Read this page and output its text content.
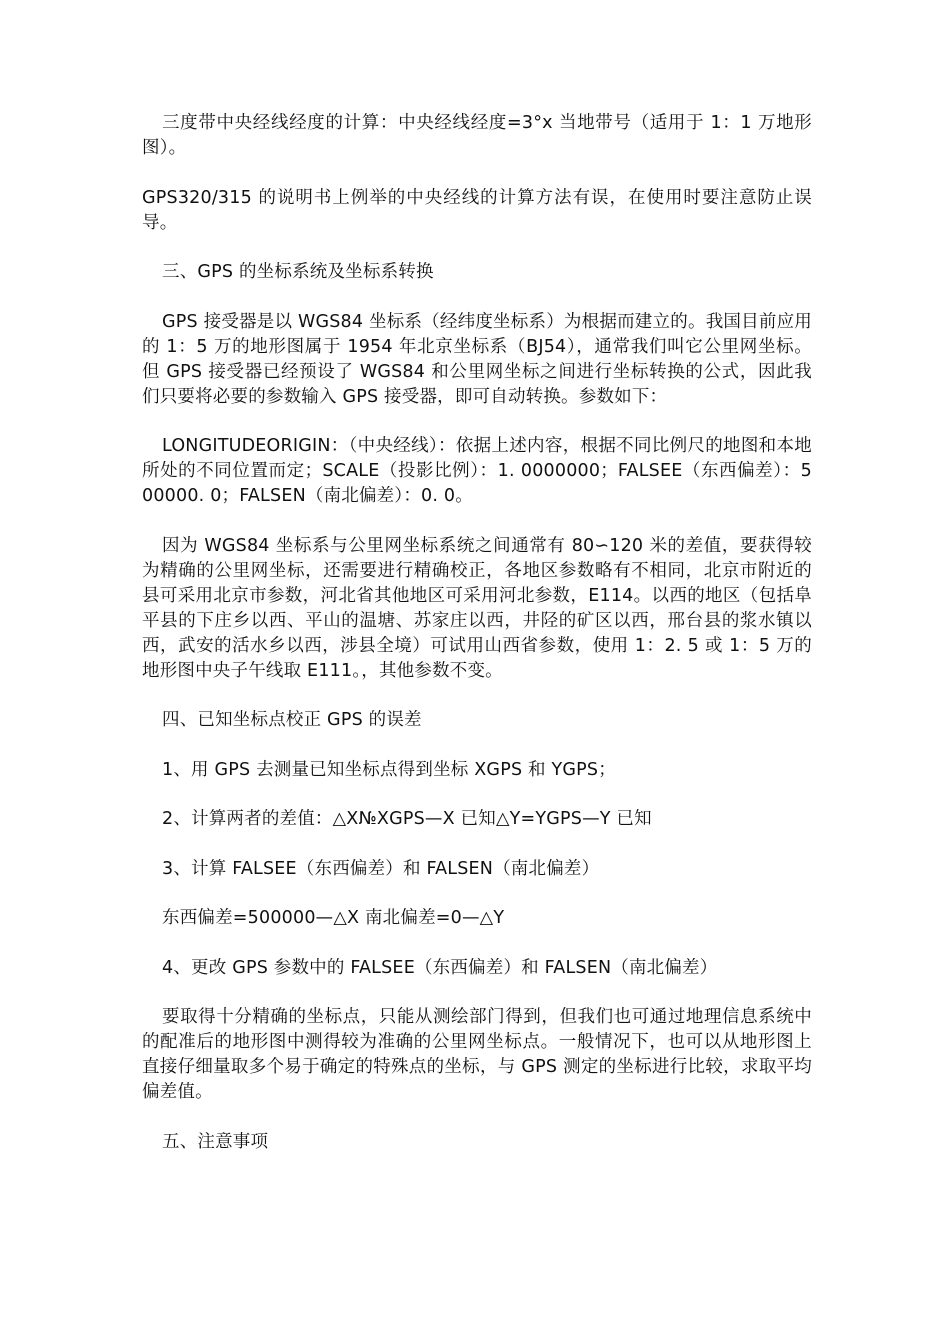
三度带中央经线经度的计算：中央经线经度=3°x 当地带号（适用于 1：1 万地形图）。

GPS320/315 的说明书上例举的中央经线的计算方法有误，在使用时要注意防止误导。

三、GPS 的坐标系统及坐标系转换

GPS 接受器是以 WGS84 坐标系（经纬度坐标系）为根据而建立的。我国目前应用的 1：5 万的地形图属于 1954 年北京坐标系（BJ54），通常我们叫它公里网坐标。但 GPS 接受器已经预设了 WGS84 和公里网坐标之间进行坐标转换的公式，因此我们只要将必要的参数输入 GPS 接受器，即可自动转换。参数如下：

LONGITUDEORIGIN：（中央经线）：依据上述内容，根据不同比例尺的地图和本地所处的不同位置而定；SCALE（投影比例）：1. 0000000；FALSEE（东西偏差）：500000. 0；FALSEN（南北偏差）：0. 0。

因为 WGS84 坐标系与公里网坐标系统之间通常有 80∽120 米的差值，要获得较为精确的公里网坐标，还需要进行精确校正，各地区参数略有不相同，北京市附近的县可采用北京市参数，河北省其他地区可采用河北参数，E114。以西的地区（包括阜平县的下庄乡以西、平山的温塘、苏家庄以西，井陉的矿区以西，邢台县的浆水镇以西，武安的活水乡以西，涉县全境）可试用山西省参数，使用 1：2. 5 或 1：5 万的地形图中央子午线取 E111。，其他参数不变。

四、已知坐标点校正 GPS 的误差

1、用 GPS 去测量已知坐标点得到坐标 XGPS 和 YGPS；

2、计算两者的差值：△X№XGPS—X 已知△Y=YGPS—Y 已知

3、计算 FALSEE（东西偏差）和 FALSEN（南北偏差）

东西偏差=500000—△X 南北偏差=0—△Y

4、更改 GPS 参数中的 FALSEE（东西偏差）和 FALSEN（南北偏差）

要取得十分精确的坐标点，只能从测绘部门得到，但我们也可通过地理信息系统中的配准后的地形图中测得较为准确的公里网坐标点。一般情况下，也可以从地形图上直接仔细量取多个易于确定的特殊点的坐标，与 GPS 测定的坐标进行比较，求取平均偏差值。

五、注意事项
